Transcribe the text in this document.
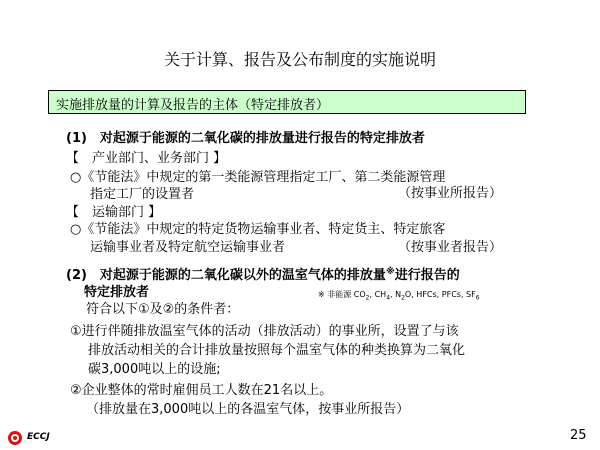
关于计算、报告及公布制度的实施说明
实施排放量的计算及报告的主体（特定排放者）
(1)　对起源于能源的二氧化碳的排放量进行报告的特定排放者
【　产业部门、业务部门 】
○《节能法》中规定的第一类能源管理指定工厂、第二类能源管理
指定工厂的设置者	（按事业所报告）
【　运输部门 】
○《节能法》中规定的特定货物运输事业者、特定货主、特定旅客
运输事业者及特定航空运输事业者	（按事业者报告）
(2)　对起源于能源的二氧化碳以外的温室气体的排放量※进行报告的
特定排放者	※ 非能源 $CO_2$, $CH_4$, $N_2O$, HFCs, PFCs, $SF_6$
符合以下①及②的条件者：
①进行伴随排放温室气体的活动（排放活动）的事业所，设置了与该
排放活动相关的合计排放量按照每个温室气体的种类换算为二氧化
碳3,000吨以上的设施;
②企业整体的常时雇佣员工人数在21名以上。
（排放量在3,000吨以上的各温室气体，按事业所报告）
ECCJ	25
